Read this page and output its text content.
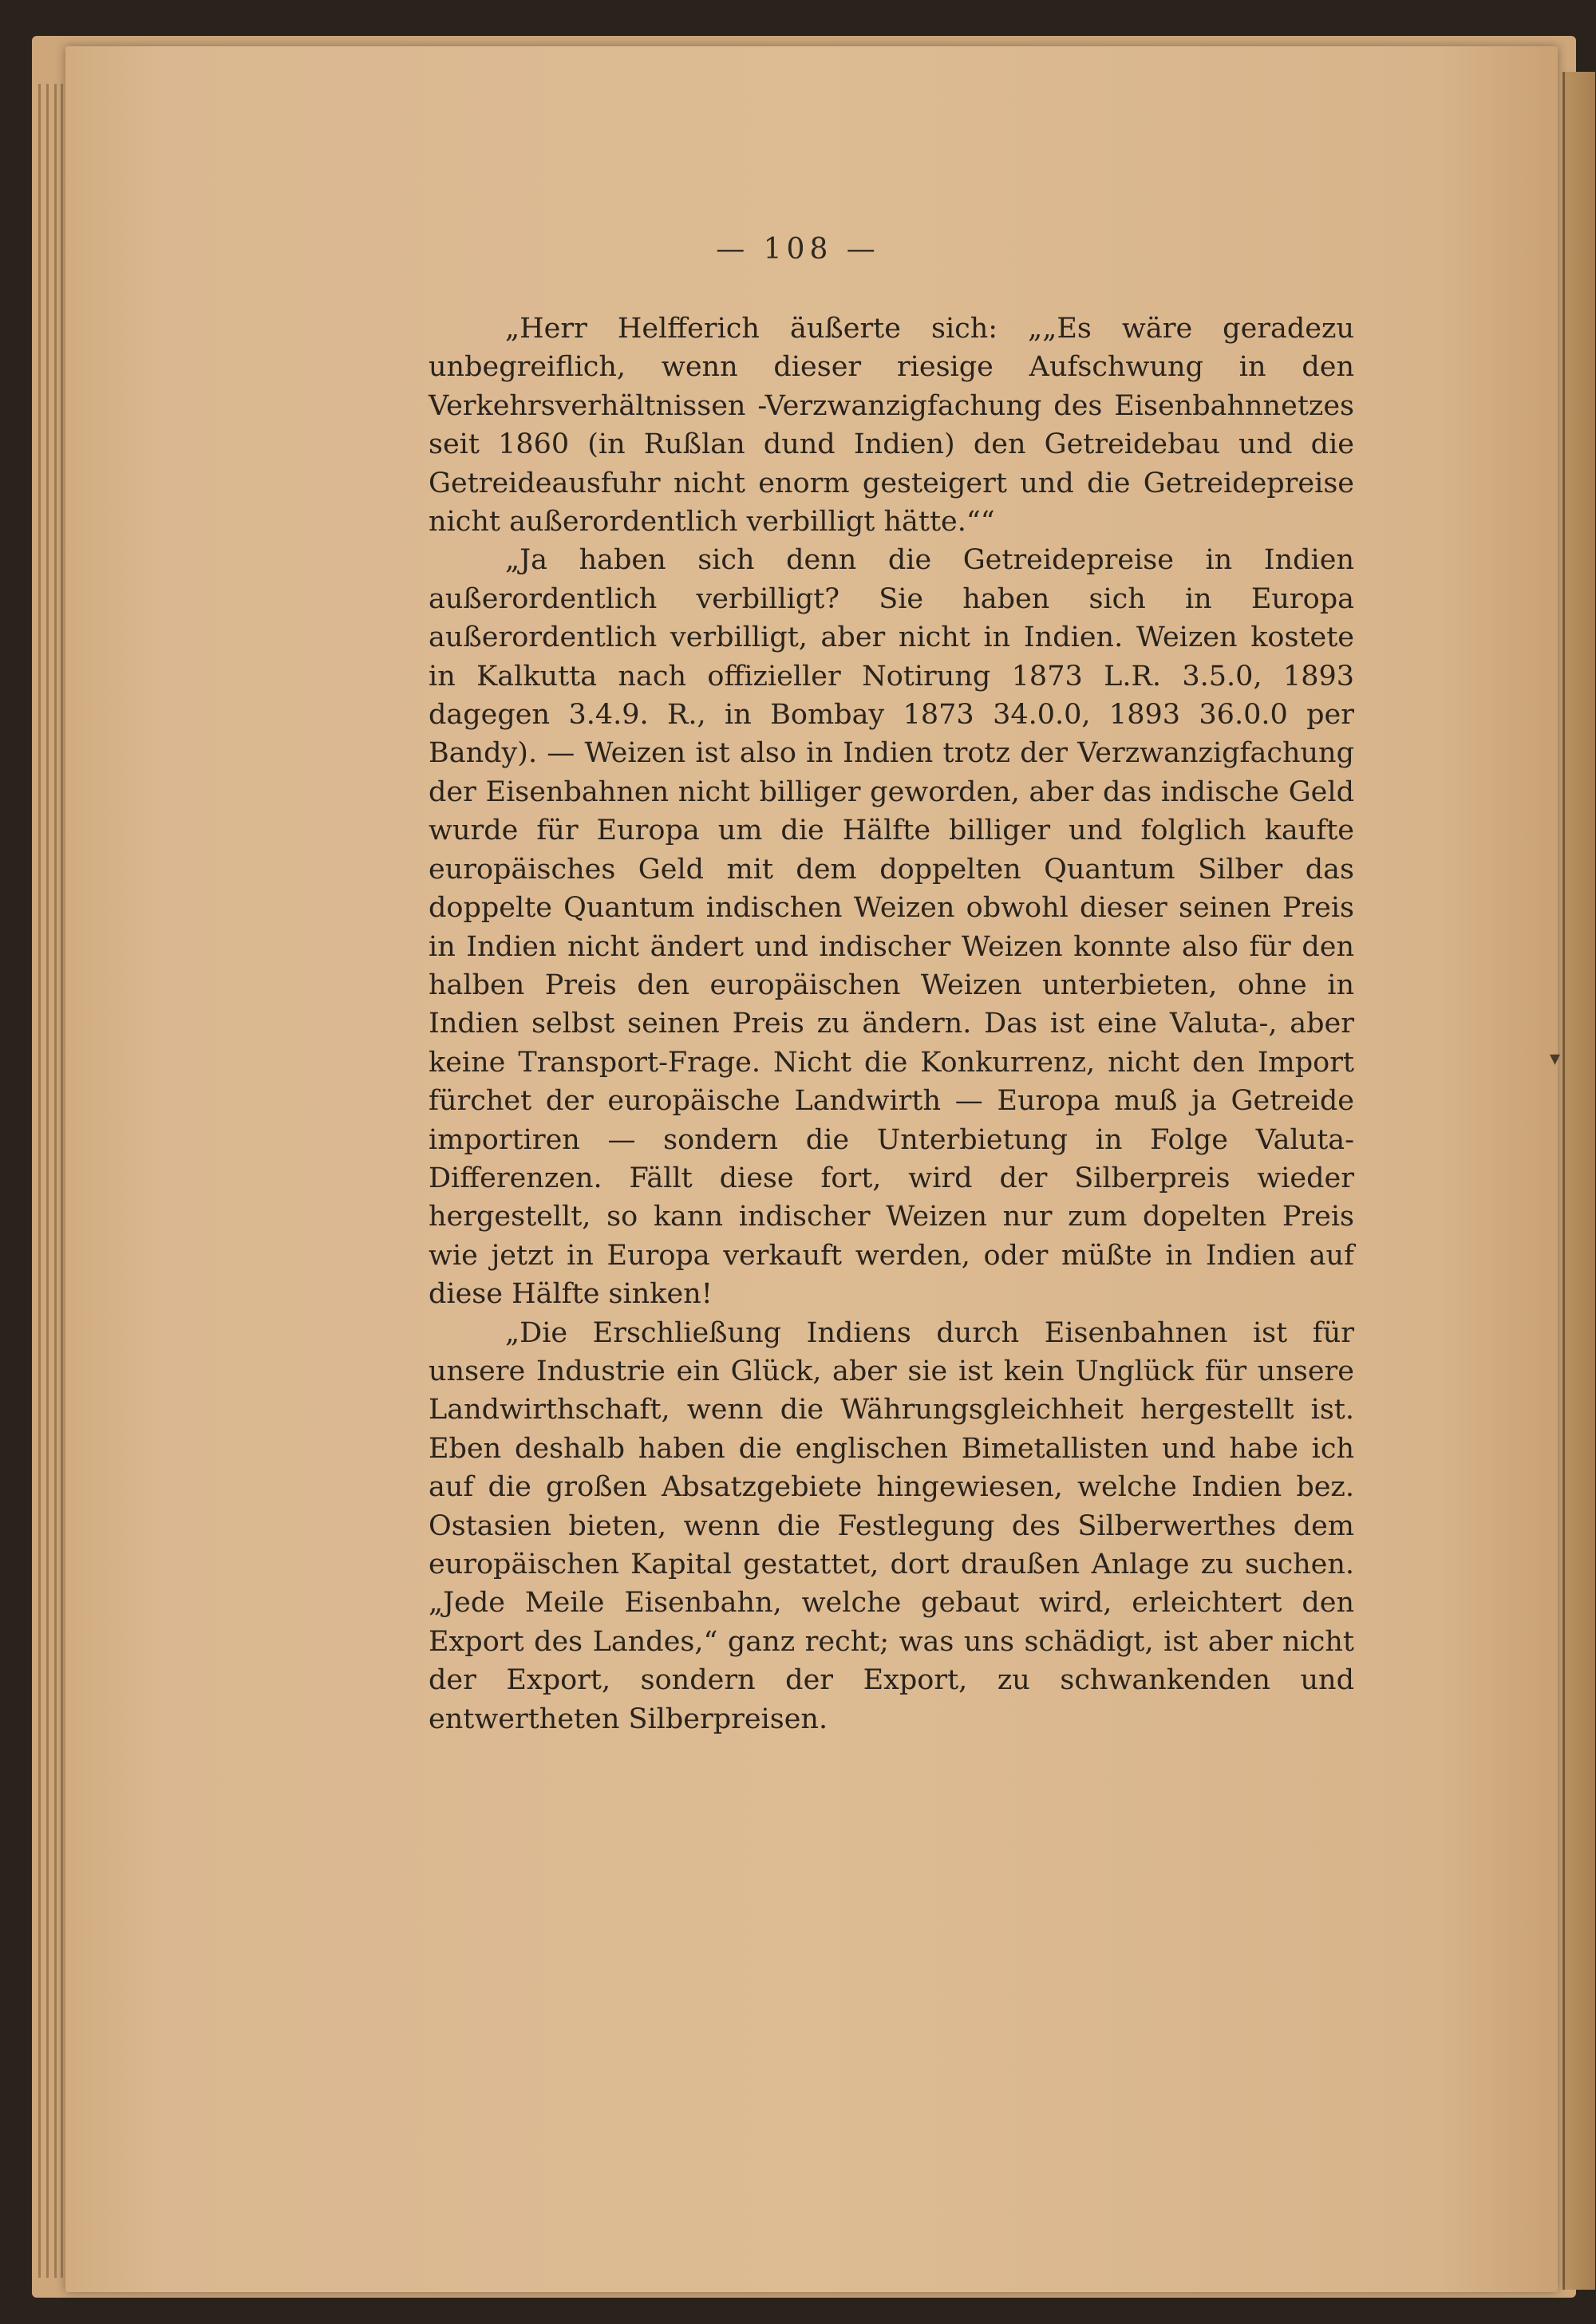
— 108 —

„Herr Helfferich äußerte sich: „„Es wäre geradezu unbegreiflich, wenn dieser riesige Aufschwung in den Verkehrsverhältnissen -Verzwanzigfachung des Eisenbahnnetzes seit 1860 (in Rußlan dund Indien) den Getreidebau und die Getreideausfuhr nicht enorm gesteigert und die Getreidepreise nicht außerordentlich verbilligt hätte.““

„Ja haben sich denn die Getreidepreise in Indien außerordentlich verbilligt? Sie haben sich in Europa außerordentlich verbilligt, aber nicht in Indien. Weizen kostete in Kalkutta nach offizieller Notirung 1873 L.R. 3.5.0, 1893 dagegen 3.4.9. R., in Bombay 1873 34.0.0, 1893 36.0.0 per Bandy). — Weizen ist also in Indien trotz der Verzwanzigfachung der Eisenbahnen nicht billiger geworden, aber das indische Geld wurde für Europa um die Hälfte billiger und folglich kaufte europäisches Geld mit dem doppelten Quantum Silber das doppelte Quantum indischen Weizen obwohl dieser seinen Preis in Indien nicht ändert und indischer Weizen konnte also für den halben Preis den europäischen Weizen unterbieten, ohne in Indien selbst seinen Preis zu ändern. Das ist eine Valuta-, aber keine Transport-Frage. Nicht die Konkurrenz, nicht den Import fürchet der europäische Landwirth — Europa muß ja Getreide importiren — sondern die Unterbietung in Folge Valuta-Differenzen. Fällt diese fort, wird der Silberpreis wieder hergestellt, so kann indischer Weizen nur zum dopelten Preis wie jetzt in Europa verkauft werden, oder müßte in Indien auf diese Hälfte sinken!

„Die Erschließung Indiens durch Eisenbahnen ist für unsere Industrie ein Glück, aber sie ist kein Unglück für unsere Landwirthschaft, wenn die Währungsgleichheit hergestellt ist. Eben deshalb haben die englischen Bimetallisten und habe ich auf die großen Absatzgebiete hingewiesen, welche Indien bez. Ostasien bieten, wenn die Festlegung des Silberwerthes dem europäischen Kapital gestattet, dort draußen Anlage zu suchen. „Jede Meile Eisenbahn, welche gebaut wird, erleichtert den Export des Landes,“ ganz recht; was uns schädigt, ist aber nicht der Export, sondern der Export, zu schwankenden und entwertheten Silberpreisen.

▾
